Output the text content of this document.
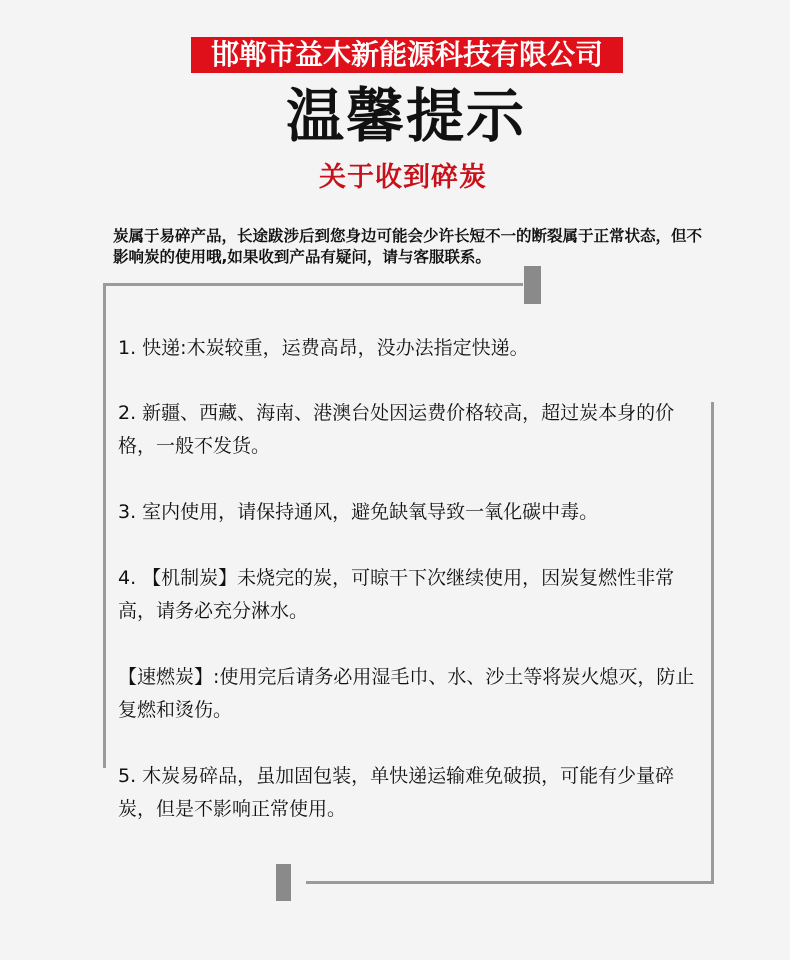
邯郸市益木新能源科技有限公司
温馨提示
关于收到碎炭
炭属于易碎产品，长途跋涉后到您身边可能会少许长短不一的断裂属于正常状态，但不影响炭的使用哦,如果收到产品有疑问，请与客服联系。
1. 快递:木炭较重，运费高昂，没办法指定快递。
2. 新疆、西藏、海南、港澳台处因运费价格较高，超过炭本身的价格，一般不发货。
3. 室内使用，请保持通风，避免缺氧导致一氧化碳中毒。
4. 【机制炭】未烧完的炭，可晾干下次继续使用，因炭复燃性非常高，请务必充分淋水。
【速燃炭】:使用完后请务必用湿毛巾、水、沙土等将炭火熄灭，防止复燃和烫伤。
5. 木炭易碎品，虽加固包装，单快递运输难免破损，可能有少量碎炭，但是不影响正常使用。
